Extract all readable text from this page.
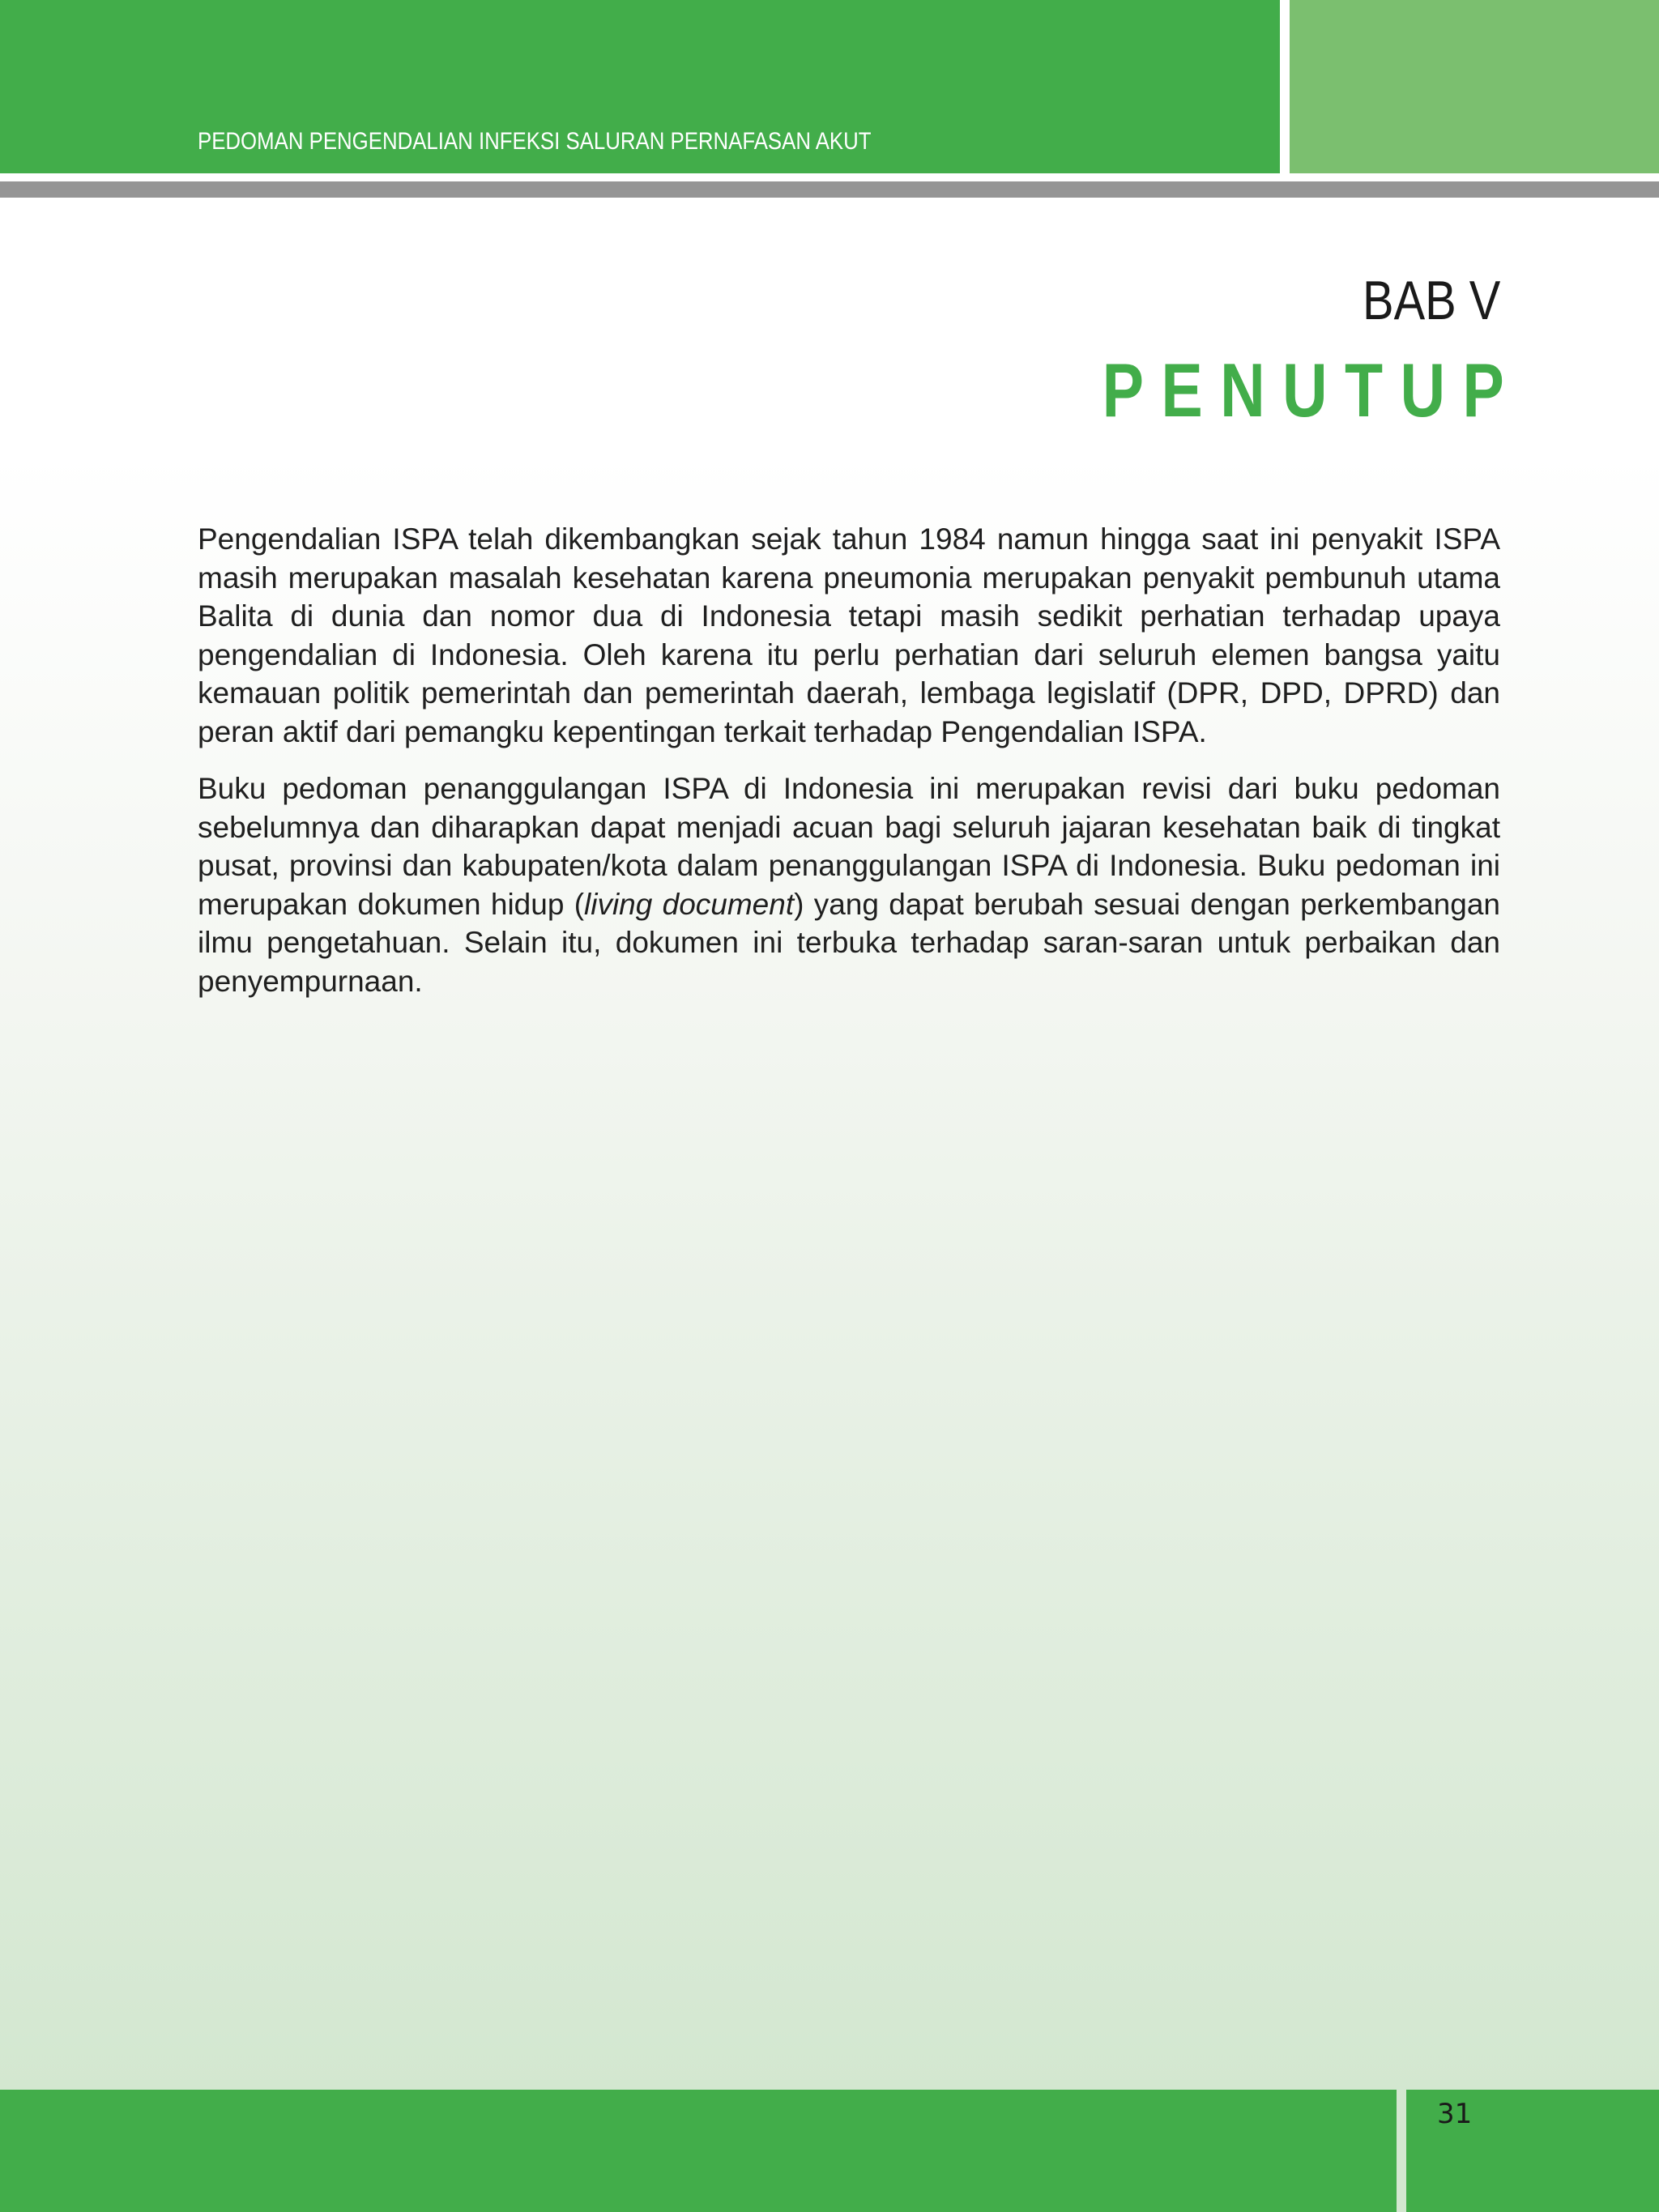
PEDOMAN PENGENDALIAN INFEKSI SALURAN PERNAFASAN AKUT
BAB V
PENUTUP

Pengendalian ISPA telah dikembangkan sejak tahun 1984 namun hingga saat ini penyakit ISPA masih merupakan masalah kesehatan karena pneumonia merupakan penyakit pembunuh utama Balita di dunia dan nomor dua di Indonesia tetapi masih sedikit perhatian terhadap upaya pengendalian di Indonesia. Oleh karena itu perlu perhatian dari seluruh elemen bangsa yaitu kemauan politik pemerintah dan pemerintah daerah, lembaga legislatif (DPR, DPD, DPRD) dan peran aktif dari pemangku kepentingan terkait terhadap Pengendalian ISPA.

Buku pedoman penanggulangan ISPA di Indonesia ini merupakan revisi dari buku pedoman sebelumnya dan diharapkan dapat menjadi acuan bagi seluruh jajaran kesehatan baik di tingkat pusat, provinsi dan kabupaten/kota dalam penanggulangan ISPA di Indonesia. Buku pedoman ini merupakan dokumen hidup (living document) yang dapat berubah sesuai dengan perkembangan ilmu pengetahuan. Selain itu, dokumen ini terbuka terhadap saran-saran untuk perbaikan dan penyempurnaan.

31
